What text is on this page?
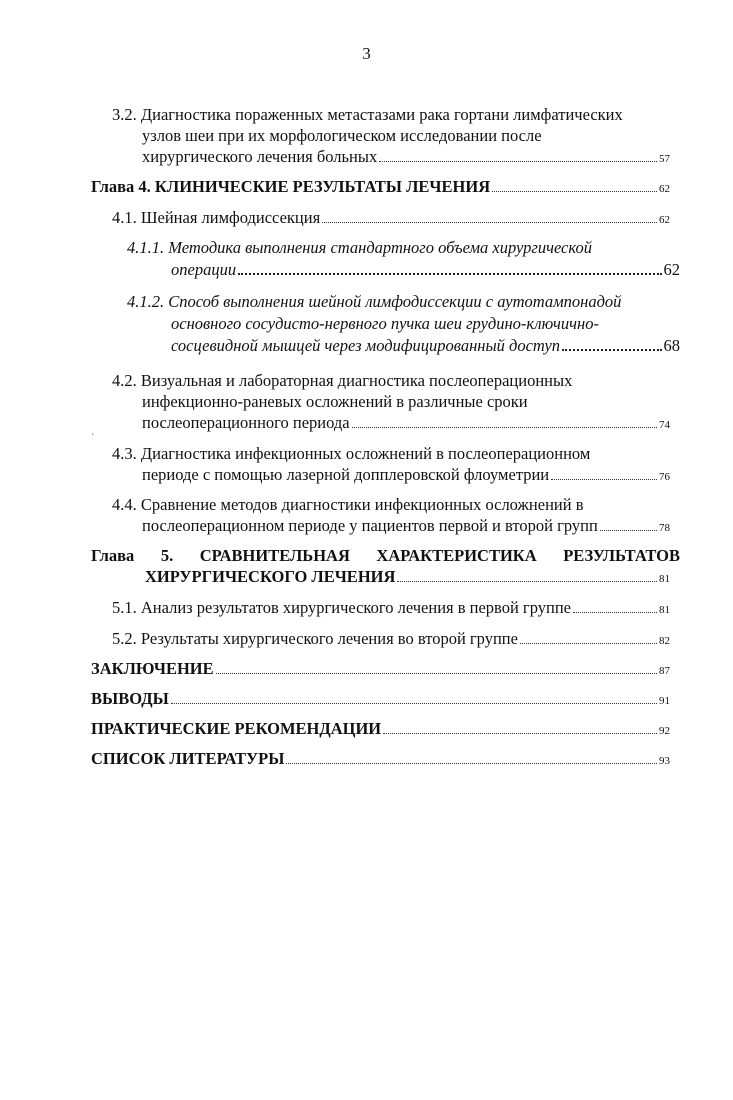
3
3.2. Диагностика пораженных метастазами рака гортани лимфатических
узлов шеи при их морфологическом исследовании после
хирургического лечения больных	57
Глава 4. КЛИНИЧЕСКИЕ РЕЗУЛЬТАТЫ ЛЕЧЕНИЯ	62
4.1. Шейная лимфодиссекция	62
4.1.1. Методика выполнения стандартного объема хирургической
операции	62
4.1.2. Способ выполнения шейной лимфодиссекции с аутотампонадой
основного сосудисто-нервного пучка шеи грудино-ключично-
сосцевидной мышцей через модифицированный доступ	68
4.2. Визуальная и лабораторная диагностика послеоперационных
инфекционно-раневых осложнений в различные сроки
послеоперационного периода	74
4.3. Диагностика инфекционных осложнений в послеоперационном
периоде с помощью лазерной допплеровской флоуметрии	76
4.4. Сравнение методов диагностики инфекционных осложнений в
послеоперационном периоде у пациентов первой и второй групп	78
Глава 5. СРАВНИТЕЛЬНАЯ ХАРАКТЕРИСТИКА РЕЗУЛЬТАТОВ
ХИРУРГИЧЕСКОГО ЛЕЧЕНИЯ	81
5.1. Анализ результатов хирургического лечения в первой группе	81
5.2. Результаты хирургического лечения во второй группе	82
ЗАКЛЮЧЕНИЕ	87
ВЫВОДЫ	91
ПРАКТИЧЕСКИЕ РЕКОМЕНДАЦИИ	92
СПИСОК ЛИТЕРАТУРЫ	93
'
